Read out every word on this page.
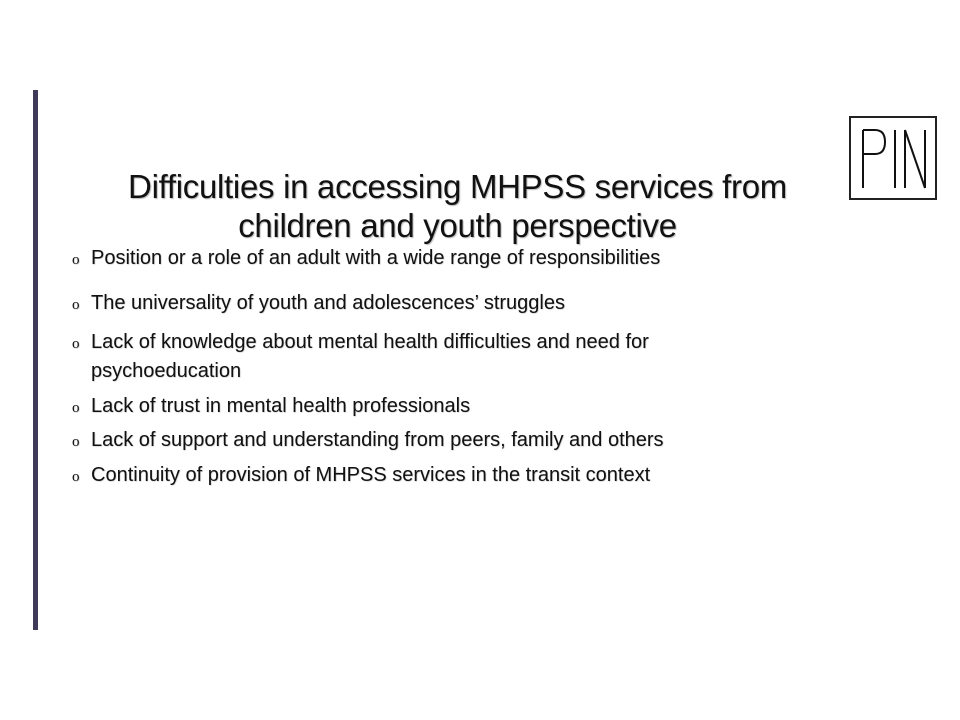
Difficulties in accessing MHPSS services from
children and youth perspective
o Position or a role of an adult with a wide range of responsibilities
o The universality of youth and adolescences’ struggles
o Lack of knowledge about mental health difficulties and need for
psychoeducation
o Lack of trust in mental health professionals
o Lack of support and understanding from peers, family and others
o Continuity of provision of MHPSS services in the transit context
